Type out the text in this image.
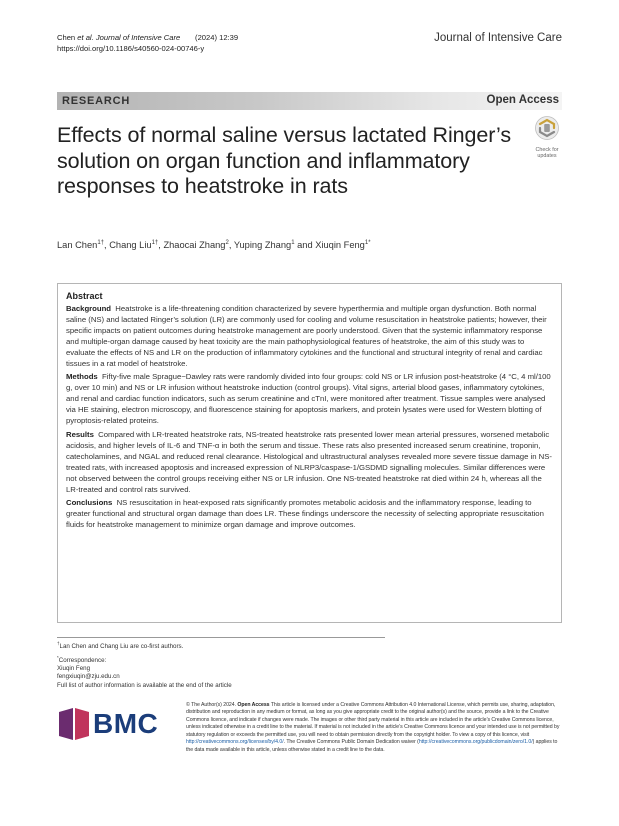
Chen et al. Journal of Intensive Care (2024) 12:39
https://doi.org/10.1186/s40560-024-00746-y
Journal of Intensive Care
RESEARCH	Open Access
Effects of normal saline versus lactated Ringer’s solution on organ function and inflammatory responses to heatstroke in rats
Check for
updates
Lan Chen$^{1\dagger}$, Chang Liu$^{1\dagger}$, Zhaocai Zhang$^2$, Yuping Zhang$^1$ and Xiuqin Feng$^{1*}$
Abstract

Background Heatstroke is a life-threatening condition characterized by severe hyperthermia and multiple organ dysfunction. Both normal saline (NS) and lactated Ringer’s solution (LR) are commonly used for cooling and volume resuscitation in heatstroke patients; however, their specific impacts on patient outcomes during heatstroke management are poorly understood. Given that the systemic inflammatory response and multiple-organ damage caused by heat toxicity are the main pathophysiological features of heatstroke, the aim of this study was to evaluate the effects of NS and LR on the production of inflammatory cytokines and the functional and structural integrity of renal and cardiac tissues in a rat model of heatstroke.

Methods Fifty-five male Sprague−Dawley rats were randomly divided into four groups: cold NS or LR infusion post-heatstroke (4 °C, 4 ml/100 g, over 10 min) and NS or LR infusion without heatstroke induction (control groups). Vital signs, arterial blood gases, inflammatory cytokines, and renal and cardiac function indicators, such as serum creatinine and cTnI, were monitored after treatment. Tissue samples were analysed via HE staining, electron microscopy, and fluorescence staining for apoptosis markers, and protein lysates were used for Western blotting of pyroptosis-related proteins.

Results Compared with LR-treated heatstroke rats, NS-treated heatstroke rats presented lower mean arterial pressures, worsened metabolic acidosis, and higher levels of IL-6 and TNF-α in both the serum and tissue. These rats also presented increased serum creatinine, troponin, catecholamines, and NGAL and reduced renal clearance. Histological and ultrastructural analyses revealed more severe tissue damage in NS-treated rats, with increased apoptosis and increased expression of NLRP3/caspase-1/GSDMD signalling molecules. Similar differences were not observed between the control groups receiving either NS or LR infusion. One NS-treated heatstroke rat died within 24 h, whereas all the LR-treated and control rats survived.

Conclusions NS resuscitation in heat-exposed rats significantly promotes metabolic acidosis and the inflammatory response, leading to greater functional and structural organ damage than does LR. These findings underscore the necessity of selecting appropriate resuscitation fluids for heatstroke management to minimize organ damage and improve outcomes.

†Lan Chen and Chang Liu are co-first authors.
*Correspondence:
Xiuqin Feng
fengxiuqin@zju.edu.cn
Full list of author information is available at the end of the article
BMC
© The Author(s) 2024. Open Access This article is licensed under a Creative Commons Attribution 4.0 International License, which permits use, sharing, adaptation, distribution and reproduction in any medium or format, as long as you give appropriate credit to the original author(s) and the source, provide a link to the Creative Commons licence, and indicate if changes were made. The images or other third party material in this article are included in the article’s Creative Commons licence, unless indicated otherwise in a credit line to the material. If material is not included in the article’s Creative Commons licence and your intended use is not permitted by statutory regulation or exceeds the permitted use, you will need to obtain permission directly from the copyright holder. To view a copy of this licence, visit http://creativecommons.org/licenses/by/4.0/. The Creative Commons Public Domain Dedication waiver (http://creativecommons.org/publicdomain/zero/1.0/) applies to the data made available in this article, unless otherwise stated in a credit line to the data.
